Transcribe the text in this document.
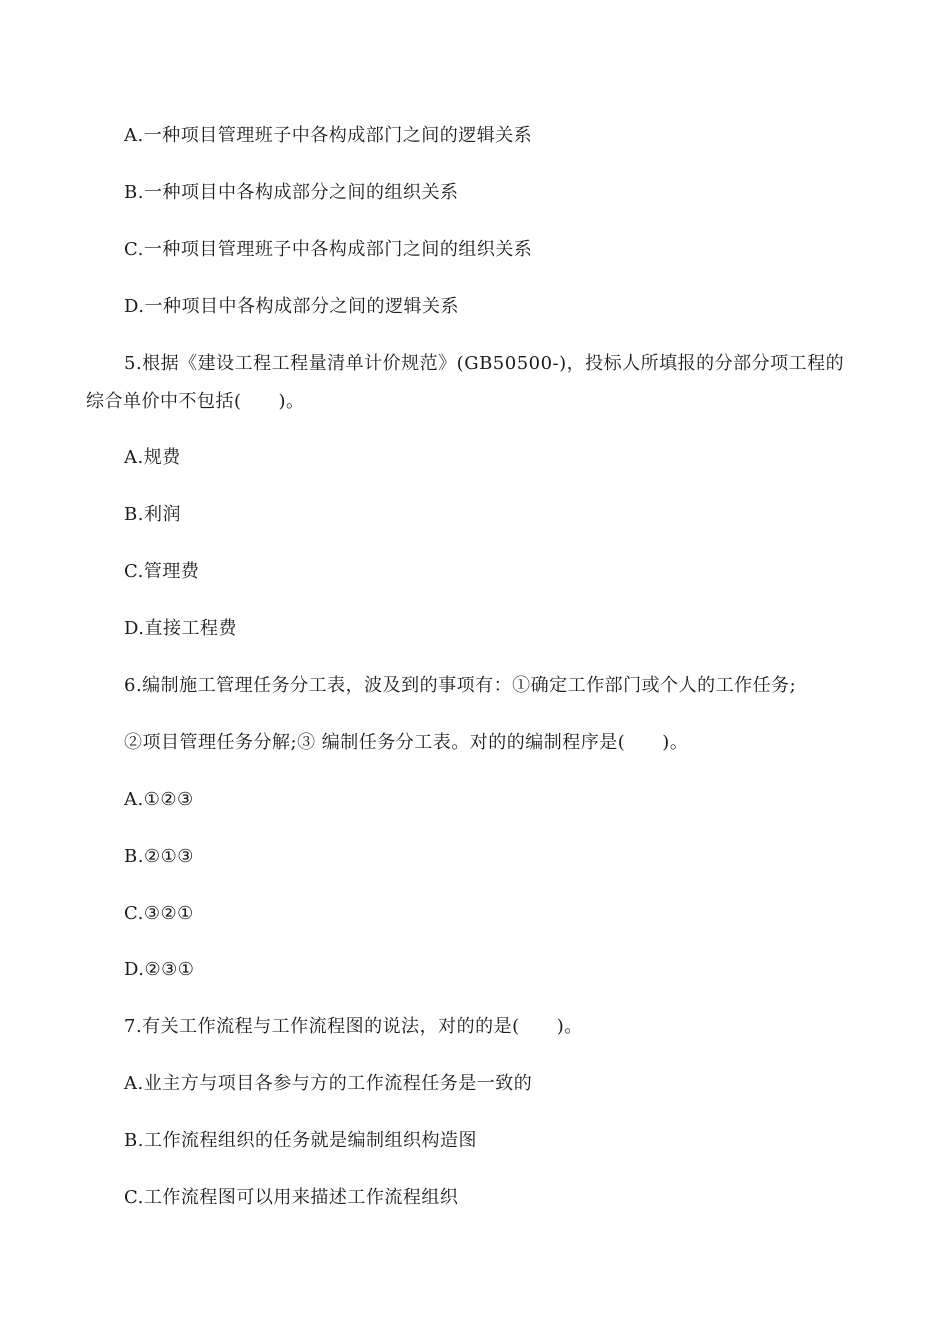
A.一种项目管理班子中各构成部门之间的逻辑关系
B.一种项目中各构成部分之间的组织关系
C.一种项目管理班子中各构成部门之间的组织关系
D.一种项目中各构成部分之间的逻辑关系
5.根据《建设工程工程量清单计价规范》(GB50500-)，投标人所填报的分部分项工程的
综合单价中不包括(　　)。
A.规费
B.利润
C.管理费
D.直接工程费
6.编制施工管理任务分工表，波及到的事项有：①确定工作部门或个人的工作任务;
②项目管理任务分解;③ 编制任务分工表。对的的编制程序是(　　)。
A.①②③
B.②①③
C.③②①
D.②③①
7.有关工作流程与工作流程图的说法，对的的是(　　)。
A.业主方与项目各参与方的工作流程任务是一致的
B.工作流程组织的任务就是编制组织构造图
C.工作流程图可以用来描述工作流程组织
